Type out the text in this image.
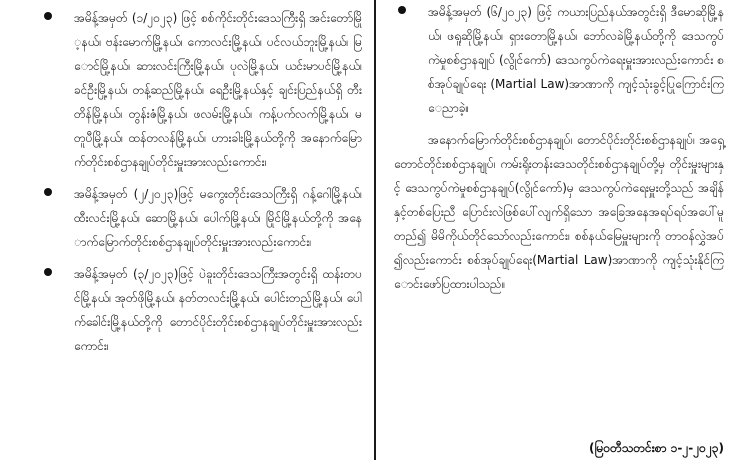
အမိန့်အမှတ် (၁/၂၀၂၃) ဖြင့် စစ်ကိုင်းတိုင်းဒေသကြီးရှိ အင်းတော်မြို့နယ်၊ ဗန်းမောက်မြို့နယ်၊ ကောလင်းမြို့နယ်၊ ပင်လယ်ဘူးမြို့နယ်၊ မြောင်မြို့နယ်၊ ဆားလင်းကြီးမြို့နယ်၊ ပုလဲမြို့နယ်၊ ယင်းမာပင်မြို့နယ်၊ ခင်ဦးမြို့နယ်၊ တန့်ဆည်မြို့နယ်၊ ရေဦးမြို့နယ်နှင့် ချင်းပြည်နယ်ရှိ တီးတိန်မြို့နယ်၊ တွန်းဇံမြို့နယ်၊ ဖလမ်းမြို့နယ်၊ ကန့်ပက်လက်မြို့နယ်၊ မတူပီမြို့နယ်၊ ထန်တလန်မြို့နယ်၊ ဟားခါးမြို့နယ်တို့ကို အနောက်မြောက်တိုင်းစစ်ဌာနချုပ်တိုင်းမှူးအားလည်းကောင်း၊
အမိန့်အမှတ် (၂/၂၀၂၃)ဖြင့် မကွေးတိုင်းဒေသကြီးရှိ ဂန့်ဂေါမြို့နယ်၊ ထီးလင်းမြို့နယ်၊ ဆောမြို့နယ်၊ ပေါက်မြို့နယ်၊ မြိုင်မြို့နယ်တို့ကို အနောက်မြောက်တိုင်းစစ်ဌာနချုပ်တိုင်းမှူးအားလည်းကောင်း၊
အမိန့်အမှတ် (၃/၂၀၂၃)ဖြင့် ပဲခူးတိုင်းဒေသကြီးအတွင်းရှိ ထန်းတပင်မြို့နယ်၊ အုတ်ဖိုမြို့နယ်၊ နတ်တလင်းမြို့နယ်၊ ပေါင်းတည်မြို့နယ်၊ ပေါက်ခေါင်းမြို့နယ်တို့ကို တောင်ပိုင်းတိုင်းစစ်ဌာနချုပ်တိုင်းမှူးအားလည်းကောင်း၊
အမိန့်အမှတ် (၆/၂၀၂၃) ဖြင့် ကယားပြည်နယ်အတွင်းရှိ ဒီမောဆိုမြို့နယ်၊ ဖရူဆိုမြို့နယ်၊ ရှားတောမြို့နယ်၊ ဘော်လခဲမြို့နယ်တို့ကို ဒေသကွပ်ကဲမှုစစ်ဌာနချုပ် (လွိုင်ကော်) ဒေသကွပ်ကဲရေးမှူးအားလည်းကောင်း စစ်အုပ်ချုပ်ရေး (Martial Law)အာဏာကို ကျင့်သုံးခွင့်ပြုကြောင်းကြေညာခဲ့။

အနောက်မြောက်တိုင်းစစ်ဌာနချုပ်၊ တောင်ပိုင်းတိုင်းစစ်ဌာနချုပ်၊ အရှေ့တောင်တိုင်းစစ်ဌာနချုပ်၊ ကမ်းရိုးတန်းဒေသတိုင်းစစ်ဌာနချုပ်တို့မှ တိုင်းမှူးများနှင့် ဒေသကွပ်ကဲမှုစစ်ဌာနချုပ်(လွိုင်ကော်)မှ ဒေသကွပ်ကဲရေးမှူးတို့သည် အချိန်နှင့်တစ်ပြေးညီ ပြောင်းလဲဖြစ်ပေါ်လျက်ရှိသော အခြေအနေအရပ်ရပ်အပေါ်မူတည်၍ မိမိကိုယ်တိုင်သော်လည်းကောင်း၊ စစ်နယ်မြေမှူးများကို တာဝန်လွှဲအပ်၍လည်းကောင်း စစ်အုပ်ချုပ်ရေး(Martial Law)အာဏာကို ကျင့်သုံးနိုင်ကြောင်းဖော်ပြထားပါသည်။

(မြဝတီသတင်းစာ ၁-၂-၂၀၂၃)
